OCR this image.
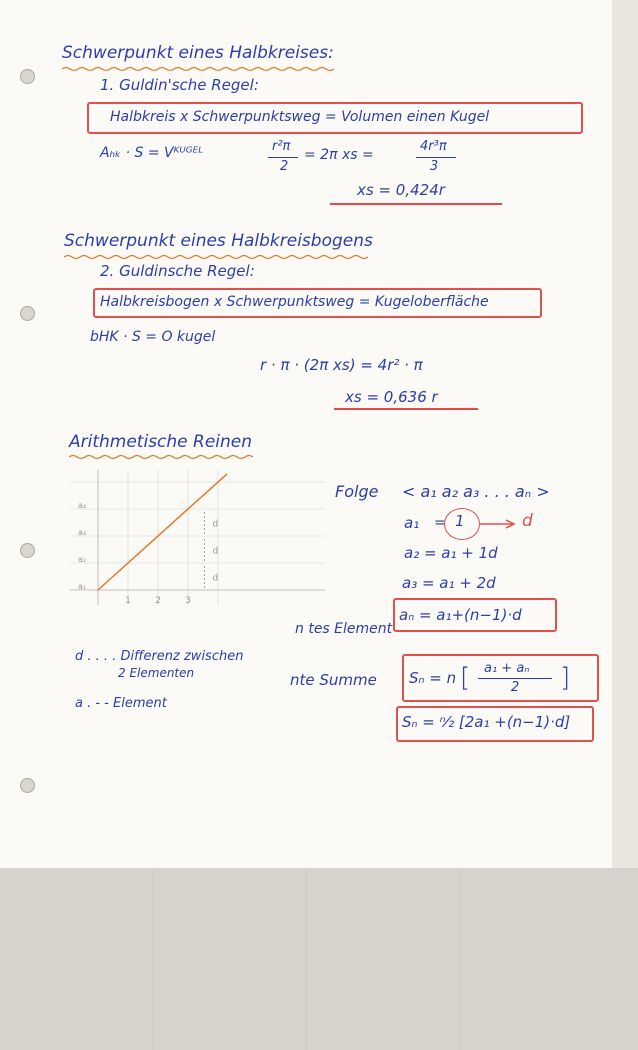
Schwerpunkt eines Halbkreises:
1. Guldin'sche Regel:
Halbkreis x Schwerpunktsweg = Volumen einen Kugel
Aₕₖ · S = Vᴷᵁᴳᴱᴸ	r²π
2
= 2π xs =
4r³π
3
xs = 0,424r
Schwerpunkt eines Halbkreisbogens
2. Guldinsche Regel:
Halbkreisbogen x Schwerpunktsweg = Kugeloberfläche
bHK · S = O kugel
r · π · (2π xs) = 4r² · π
xs = 0,636 r
Arithmetische Reinen
a₁
a₂
a₃
a₄
1	2	3
d
d
d
Folge < a₁ a₂ a₃ . . . aₙ >
a₁ = 1	d
a₂ = a₁ + 1d
a₃ = a₁ + 2d
aₙ = a₁+(n−1)·d
n tes Element
d . . . . Differenz zwischen
2 Elementen
a . - - Element
nte Summe Sₙ = n [ a₁ + aₙ
2 ]
Sₙ = ⁿ⁄₂ [2a₁ +(n−1)·d]
